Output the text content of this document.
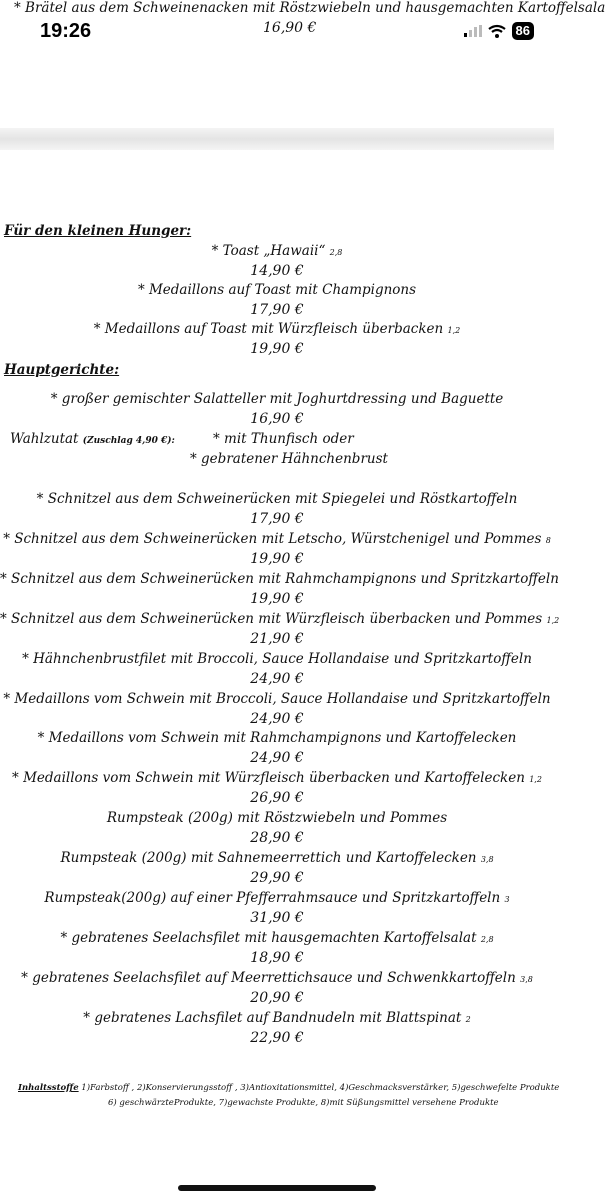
19:26	86
* Brätel aus dem Schweinenacken mit Röstzwiebeln und hausgemachten Kartoffelsala
16,90 €
Für den kleinen Hunger:
* Toast „Hawaii“ 2,8
14,90 €
* Medaillons auf Toast mit Champignons
17,90 €
* Medaillons auf Toast mit Würzfleisch überbacken 1,2
19,90 €
Hauptgerichte:
* großer gemischter Salatteller mit Joghurtdressing und Baguette
16,90 €
Wahlzutat (Zuschlag 4,90 €):	* mit Thunfisch oder
* gebratener Hähnchenbrust
* Schnitzel aus dem Schweinerücken mit Spiegelei und Röstkartoffeln
17,90 €
* Schnitzel aus dem Schweinerücken mit Letscho, Würstchenigel und Pommes 8
19,90 €
* Schnitzel aus dem Schweinerücken mit Rahmchampignons und Spritzkartoffeln
19,90 €
* Schnitzel aus dem Schweinerücken mit Würzfleisch überbacken und Pommes 1,2
21,90 €
* Hähnchenbrustfilet mit Broccoli, Sauce Hollandaise und Spritzkartoffeln
24,90 €
* Medaillons vom Schwein mit Broccoli, Sauce Hollandaise und Spritzkartoffeln
24,90 €
* Medaillons vom Schwein mit Rahmchampignons und Kartoffelecken
24,90 €
* Medaillons vom Schwein mit Würzfleisch überbacken und Kartoffelecken 1,2
26,90 €
Rumpsteak (200g) mit Röstzwiebeln und Pommes
28,90 €
Rumpsteak (200g) mit Sahnemeerrettich und Kartoffelecken 3,8
29,90 €
Rumpsteak(200g) auf einer Pfefferrahmsauce und Spritzkartoffeln 3
31,90 €
* gebratenes Seelachsfilet mit hausgemachten Kartoffelsalat 2,8
18,90 €
* gebratenes Seelachsfilet auf Meerrettichsauce und Schwenkkartoffeln 3,8
20,90 €
* gebratenes Lachsfilet auf Bandnudeln mit Blattspinat 2
22,90 €
Inhaltsstoffe 1)Farbstoff , 2)Konservierungsstoff , 3)Antioxitationsmittel, 4)Geschmacksverstärker, 5)geschwefelte Produkte
6) geschwärzteProdukte, 7)gewachste Produkte, 8)mit Süßungsmittel versehene Produkte
